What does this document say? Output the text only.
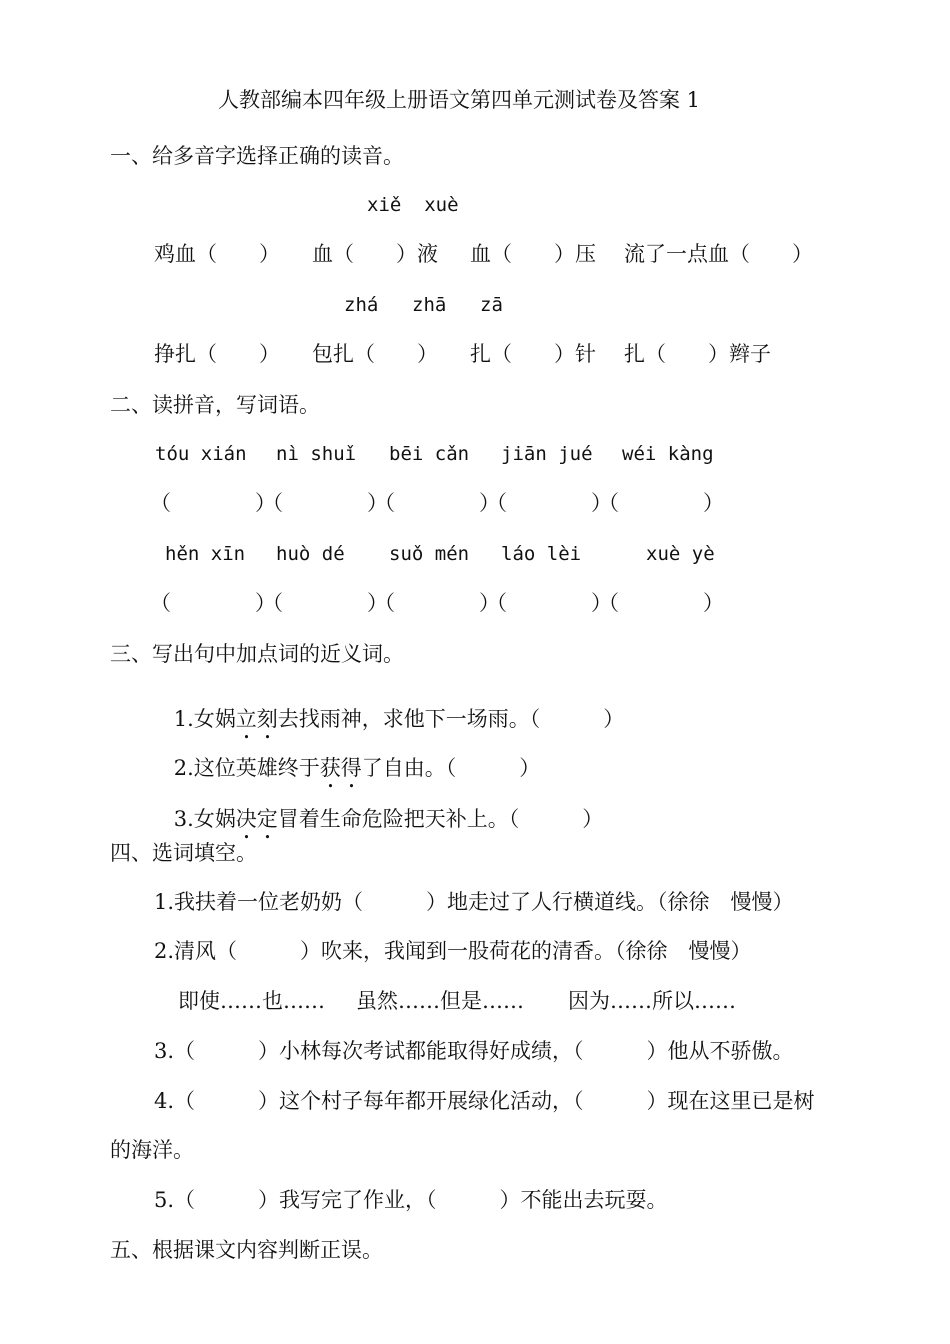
人教部编本四年级上册语文第四单元测试卷及答案 1
一、给多音字选择正确的读音。
xiě  xuè
鸡血（　　） 血（　　）液 血（　　）压 流了一点血（　　）
zhá zhā zā
挣扎（　　） 包扎（　　） 扎（　　）针 扎（　　）辫子
二、读拼音，写词语。
tóu xián nì shuǐ bēi cǎn jiān jué wéi kàng
（　　　　）
（　　　　）
（　　　　）
（　　　　）
（　　　　）
hěn xīn huò dé suǒ mén láo lèi	xuè yè
（　　　　）
（　　　　）
（　　　　）
（　　　　）
（　　　　）
三、写出句中加点词的近义词。

1.女娲立刻去找雨神，求他下一场雨。（　　　）

2.这位英雄终于获得了自由。（　　　）

3.女娲决定冒着生命危险把天补上。（　　　）

四、选词填空。
1.我扶着一位老奶奶（　　　）地走过了人行横道线。（徐徐　慢慢）
2.清风（　　　）吹来，我闻到一股荷花的清香。（徐徐　慢慢）
即使……也…… 虽然……但是…… 因为……所以……
3.（　　　）小林每次考试都能取得好成绩，（　　　）他从不骄傲。
4.（　　　）这个村子每年都开展绿化活动，（　　　）现在这里已是树
的海洋。
5.（　　　）我写完了作业，（　　　）不能出去玩耍。
五、根据课文内容判断正误。
